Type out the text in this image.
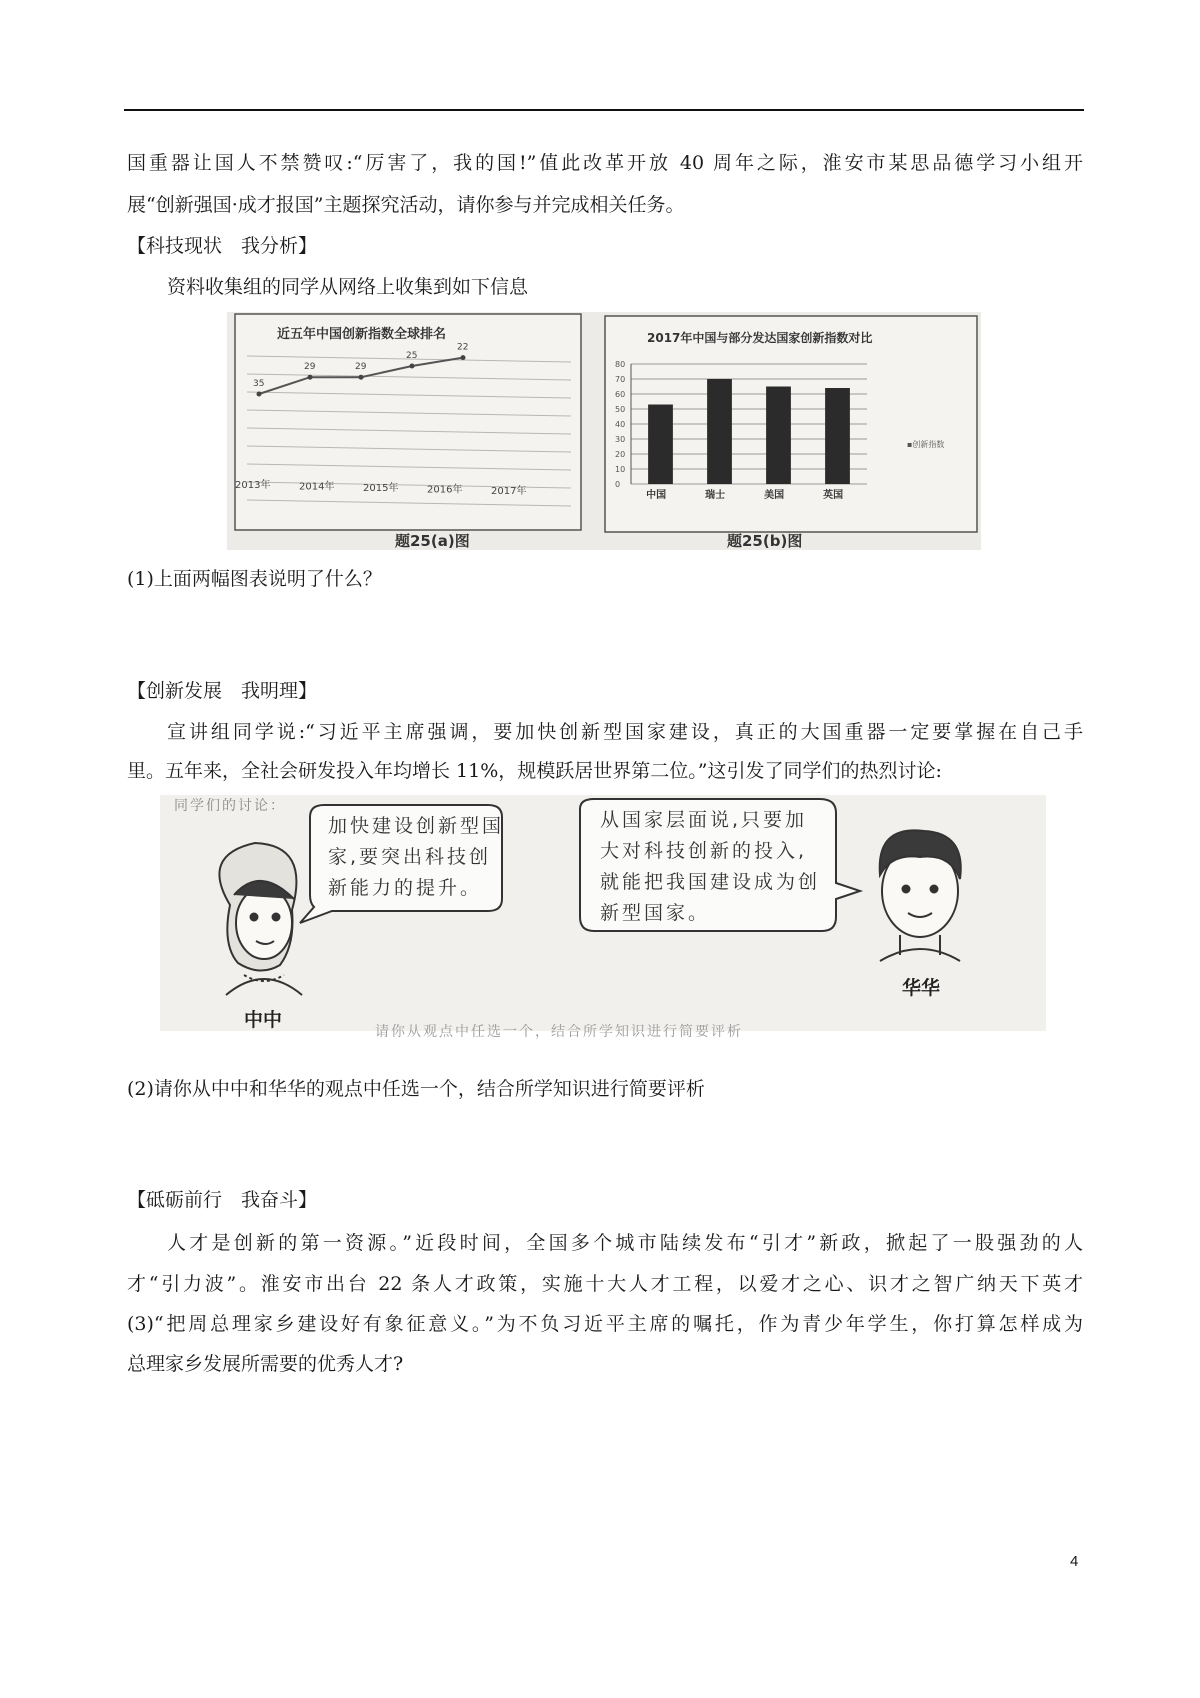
国重器让国人不禁赞叹:“厉害了，我的国!”值此改革开放 40 周年之际，淮安市某思品德学习小组开
展“创新强国·成才报国”主题探究活动，请你参与并完成相关任务。
【科技现状　我分析】
资料收集组的同学从网络上收集到如下信息
近五年中国创新指数全球排名
35
29	29
25
22
2013年	2014年	2015年	2016年	2017年
题25(a)图
2017年中国与部分发达国家创新指数对比
0
10
20
30
40
50
60
70
80
中国	瑞士	美国	英国
▪创新指数
题25(b)图
(1)上面两幅图表说明了什么？
【创新发展　我明理】
宣讲组同学说:“习近平主席强调，要加快创新型国家建设，真正的大国重器一定要掌握在自己手
里。五年来，全社会研发投入年均增长 11%，规模跃居世界第二位。”这引发了同学们的热烈讨论:
同学们的讨论：
加快建设创新型国
家,要突出科技创
新能力的提升。
从国家层面说,只要加
大对科技创新的投入,
就能把我国建设成为创
新型国家。
中中
华华
请你从观点中任选一个，结合所学知识进行简要评析
(2)请你从中中和华华的观点中任选一个，结合所学知识进行简要评析
【砥砺前行　我奋斗】
人才是创新的第一资源。”近段时间，全国多个城市陆续发布“引才”新政，掀起了一股强劲的人
才“引力波”。淮安市出台 22 条人才政策，实施十大人才工程，以爱才之心、识才之智广纳天下英才
(3)“把周总理家乡建设好有象征意义。”为不负习近平主席的嘱托，作为青少年学生，你打算怎样成为
总理家乡发展所需要的优秀人才?
4
